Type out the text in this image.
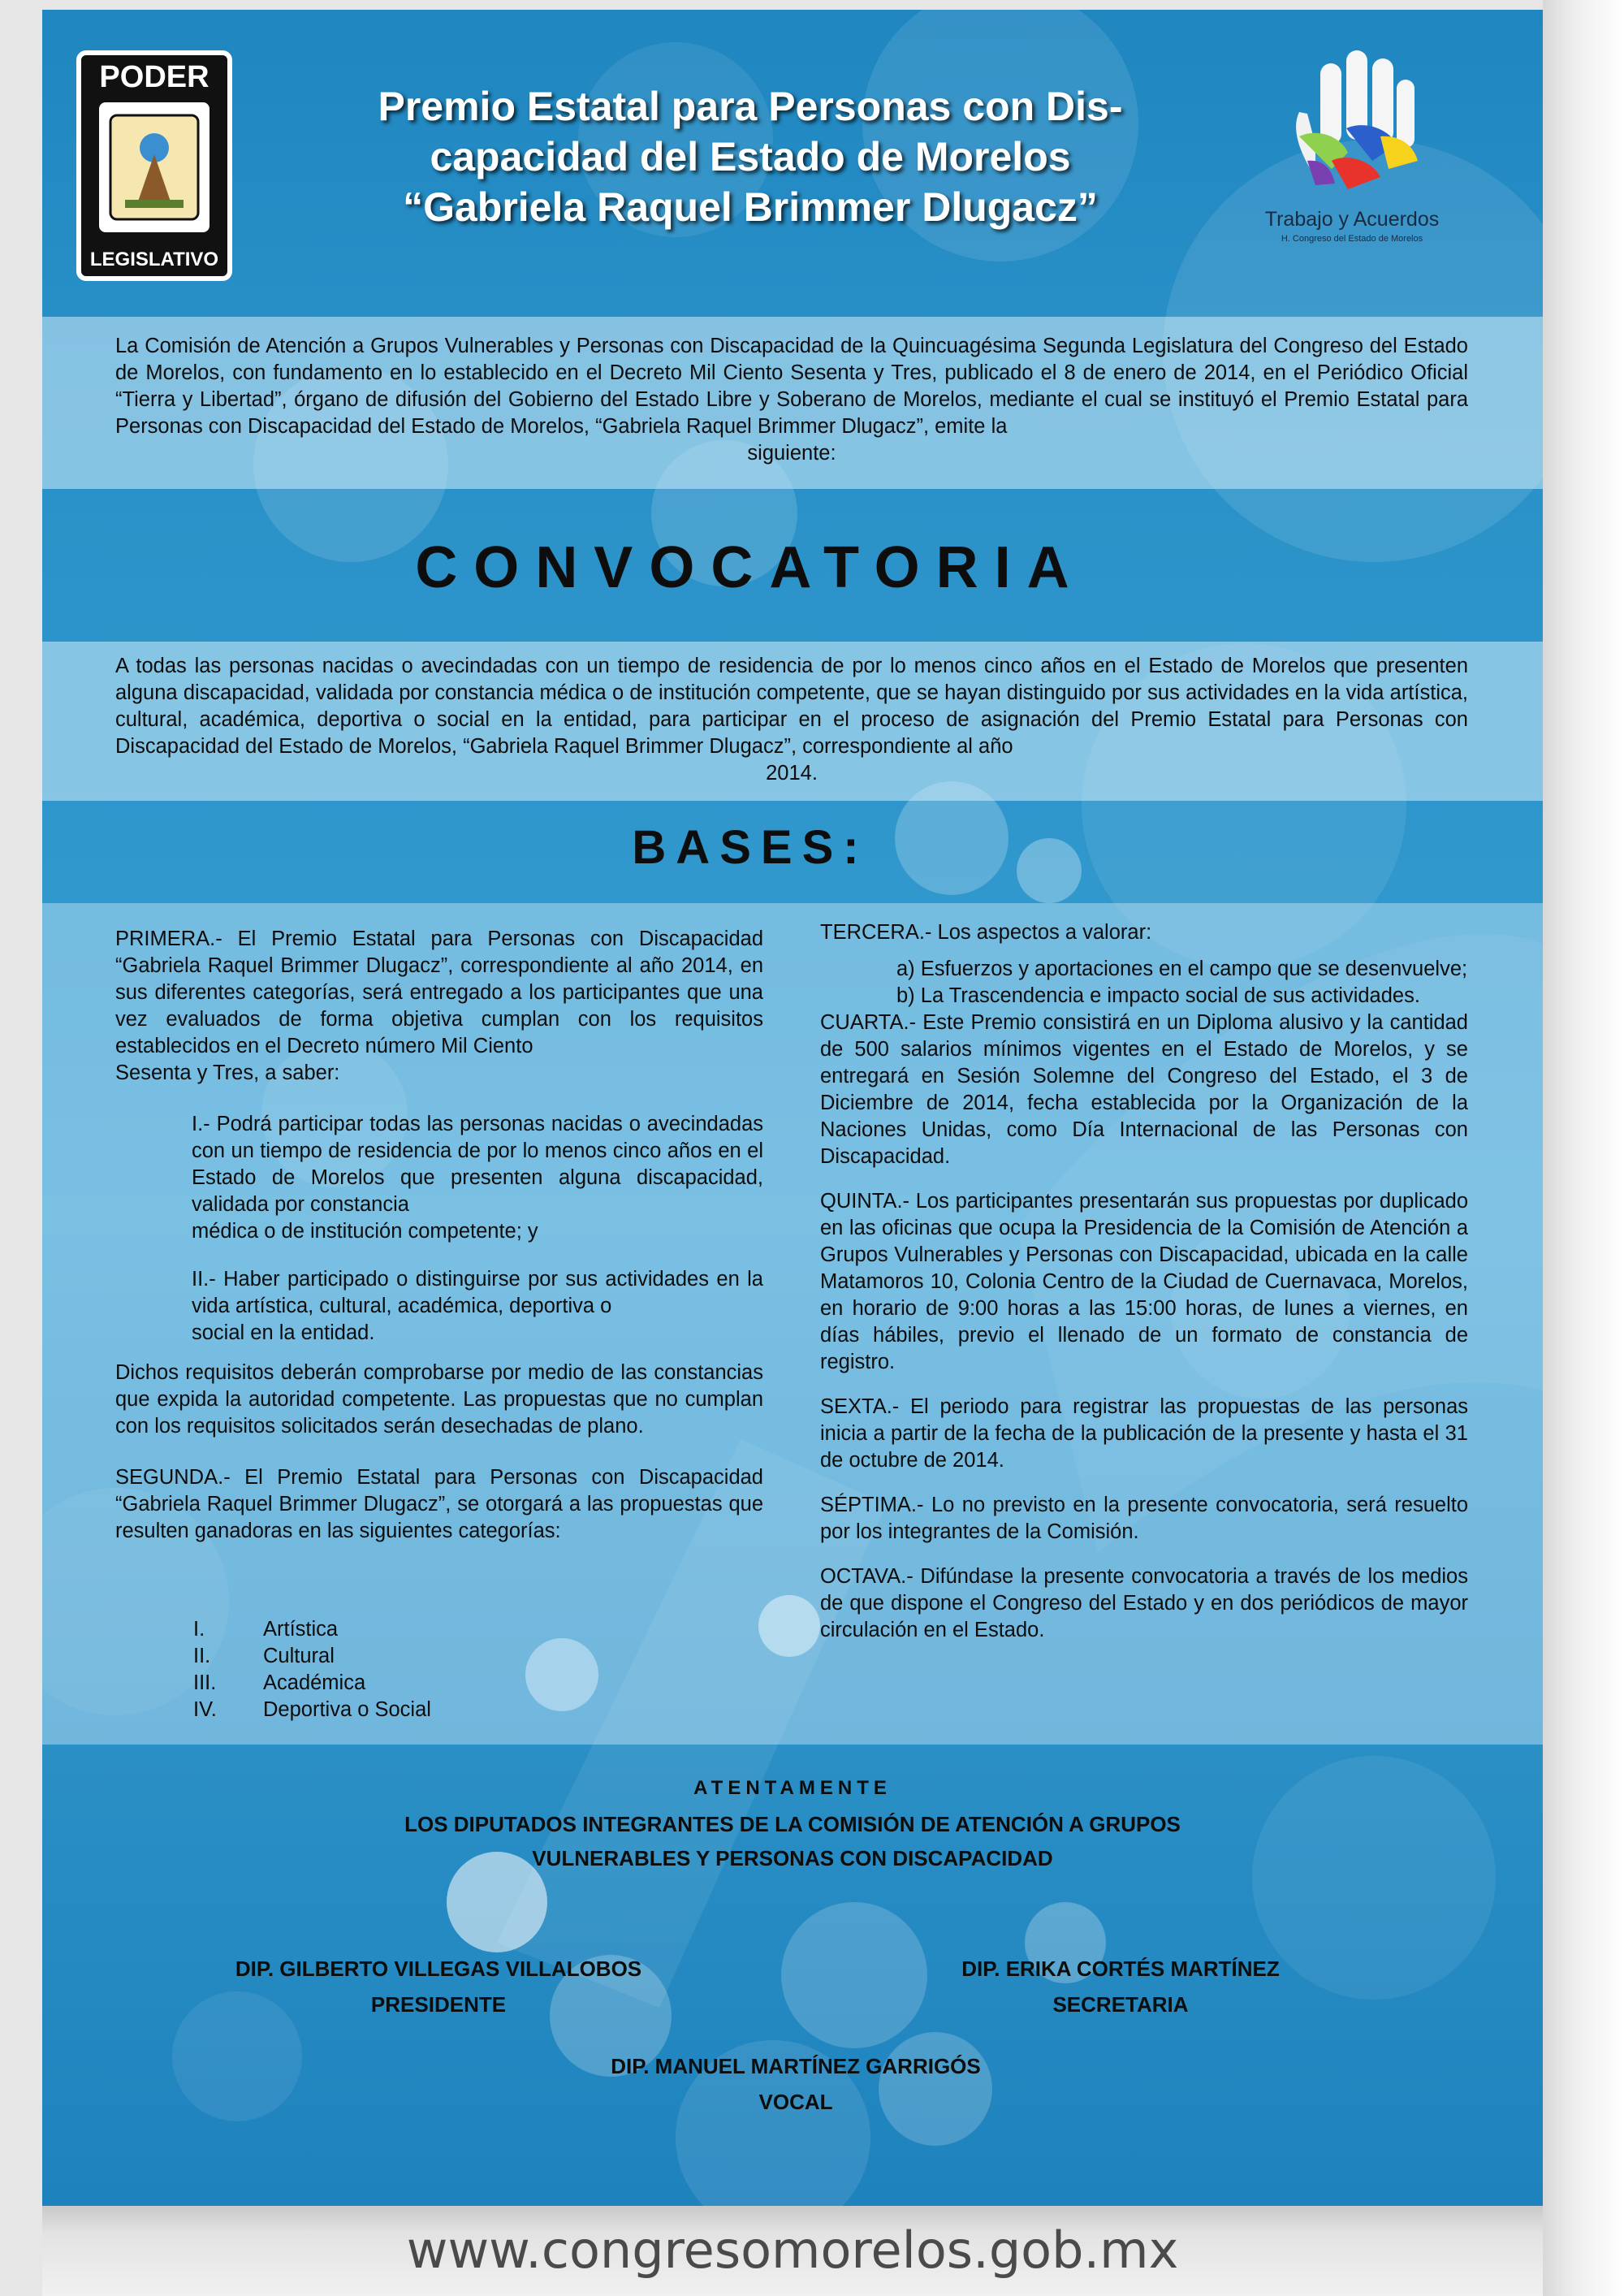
PODER
LEGISLATIVO
Premio Estatal para Personas con Dis-
capacidad del Estado de Morelos
“Gabriela Raquel Brimmer Dlugacz”	Trabajo y Acuerdos
H. Congreso del Estado de Morelos
La Comisión de Atención a Grupos Vulnerables y Personas con Discapacidad de la Quincuagésima Segunda Legislatura del Congreso del Estado de Morelos, con fundamento en lo establecido en el Decreto Mil Ciento Sesenta y Tres, publicado el 8 de enero de 2014, en el Periódico Oficial “Tierra y Libertad”, órgano de difusión del Gobierno del Estado Libre y Soberano de Morelos, mediante el cual se instituyó el Premio Estatal para Personas con Discapacidad del Estado de Morelos, “Gabriela Raquel Brimmer Dlugacz”, emite la
siguiente:
CONVOCATORIA
A todas las personas nacidas o avecindadas con un tiempo de residencia de por lo menos cinco años en el Estado de Morelos que presenten alguna discapacidad, validada por constancia médica o de institución competente, que se hayan distinguido por sus actividades en la vida artística, cultural, académica, deportiva o social en la entidad, para participar en el proceso de asignación del Premio Estatal para Personas con Discapacidad del Estado de Morelos, “Gabriela Raquel Brimmer Dlugacz”, correspondiente al año
2014.
BASES:
PRIMERA.- El Premio Estatal para Personas con Discapacidad “Gabriela Raquel Brimmer Dlugacz”, correspondiente al año 2014, en sus diferentes categorías, será entregado a los participantes que una vez evaluados de forma objetiva cumplan con los requisitos establecidos en el Decreto número Mil Ciento
Sesenta y Tres, a saber:
I.- Podrá participar todas las personas nacidas o avecindadas con un tiempo de residencia de por lo menos cinco años en el Estado de Morelos que presenten alguna discapacidad, validada por constancia
médica o de institución competente; y
II.- Haber participado o distinguirse por sus actividades en la vida artística, cultural, académica, deportiva o
social en la entidad.
Dichos requisitos deberán comprobarse por medio de las constancias que expida la autoridad competente. Las propuestas que no cumplan con los requisitos solicitados serán desechadas de plano.
SEGUNDA.- El Premio Estatal para Personas con Discapacidad “Gabriela Raquel Brimmer Dlugacz”, se otorgará a las propuestas que resulten ganadoras en las siguientes categorías:
I.	Artística
II.	Cultural
III. Académica
IV. Deportiva o Social
TERCERA.- Los aspectos a valorar:
a) Esfuerzos y aportaciones en el campo que se desenvuelve;
b) La Trascendencia e impacto social de sus actividades.
CUARTA.- Este Premio consistirá en un Diploma alusivo y la cantidad de 500 salarios mínimos vigentes en el Estado de Morelos, y se entregará en Sesión Solemne del Congreso del Estado, el 3 de Diciembre de 2014, fecha establecida por la Organización de la Naciones Unidas, como Día Internacional de las Personas con Discapacidad.
QUINTA.- Los participantes presentarán sus propuestas por duplicado en las oficinas que ocupa la Presidencia de la Comisión de Atención a Grupos Vulnerables y Personas con Discapacidad, ubicada en la calle Matamoros 10, Colonia Centro de la Ciudad de Cuernavaca, Morelos, en horario de 9:00 horas a las 15:00 horas, de lunes a viernes, en días hábiles, previo el llenado de un formato de constancia de registro.
SEXTA.- El periodo para registrar las propuestas de las personas inicia a partir de la fecha de la publicación de la presente y hasta el 31 de octubre de 2014.
SÉPTIMA.- Lo no previsto en la presente convocatoria, será resuelto por los integrantes de la Comisión.
OCTAVA.- Difúndase la presente convocatoria a través de los medios de que dispone el Congreso del Estado y en dos periódicos de mayor circulación en el Estado.
ATENTAMENTE
LOS DIPUTADOS INTEGRANTES DE LA COMISIÓN DE ATENCIÓN A GRUPOS
VULNERABLES Y PERSONAS CON DISCAPACIDAD
DIP. GILBERTO VILLEGAS VILLALOBOS
PRESIDENTE
DIP. ERIKA CORTÉS MARTÍNEZ
SECRETARIA
DIP. MANUEL MARTÍNEZ GARRIGÓS
VOCAL
www.congresomorelos.gob.mx
